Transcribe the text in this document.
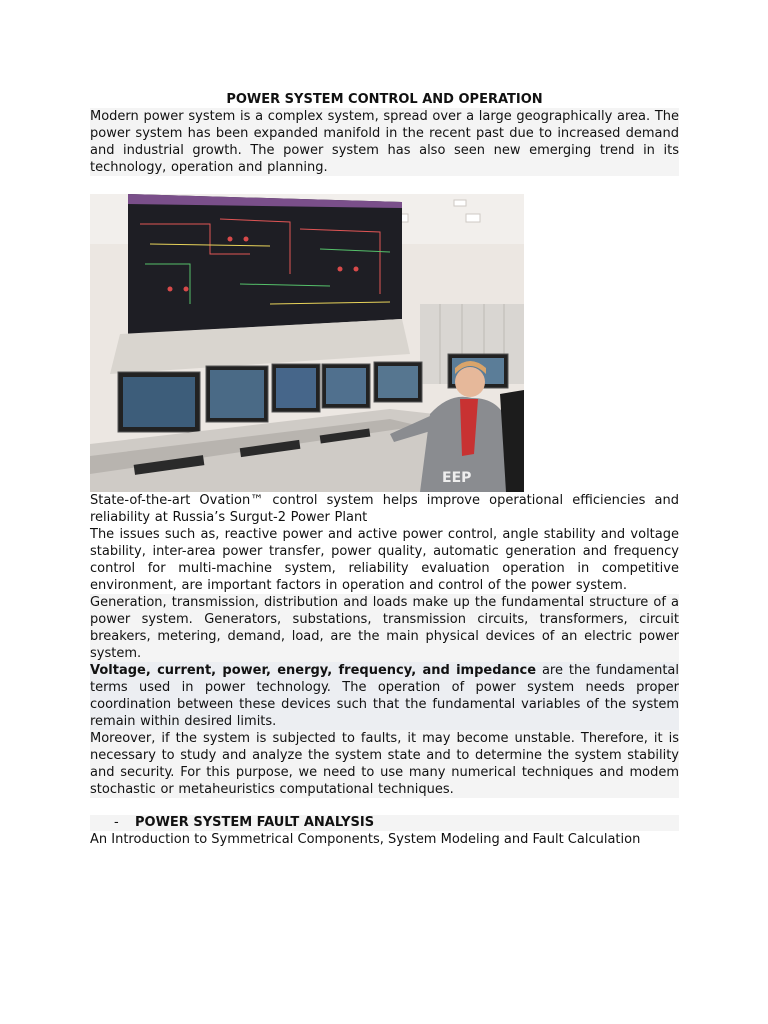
POWER SYSTEM CONTROL AND OPERATION

Modern power system is a complex system, spread over a large geographically area. The power system has been expanded manifold in the recent past due to increased demand and industrial growth. The power system has also seen new emerging trend in its technology, operation and planning.

EEP

State-of-the-art Ovation™ control system helps improve operational efficiencies and reliability at Russia’s Surgut-2 Power Plant

The issues such as, reactive power and active power control, angle stability and voltage stability, inter-area power transfer, power quality, automatic generation and frequency control for multi-machine system, reliability evaluation operation in competitive environment, are important factors in operation and control of the power system.

Generation, transmission, distribution and loads make up the fundamental structure of a power system. Generators, substations, transmission circuits, transformers, circuit breakers, metering, demand, load, are the main physical devices of an electric power system.

Voltage, current, power, energy, frequency, and impedance are the fundamental terms used in power technology. The operation of power system needs proper coordination between these devices such that the fundamental variables of the system remain within desired limits.

Moreover, if the system is subjected to faults, it may become unstable. Therefore, it is necessary to study and analyze the system state and to determine the system stability and security. For this purpose, we need to use many numerical techniques and modem stochastic or metaheuristics computational techniques.

- POWER SYSTEM FAULT ANALYSIS

An Introduction to Symmetrical Components, System Modeling and Fault Calculation
